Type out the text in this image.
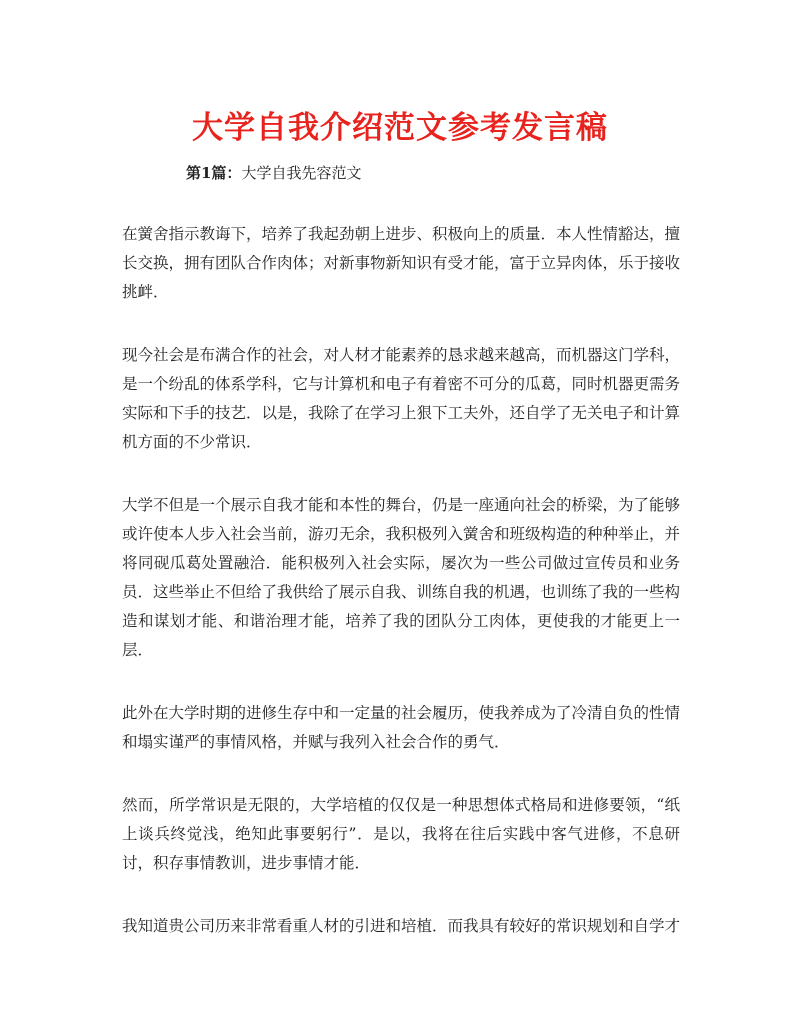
大学自我介绍范文参考发言稿
第1篇：大学自我先容范文

在黉舍指示教诲下，培养了我起劲朝上进步、积极向上的质量．本人性情豁达，擅长交换，拥有团队合作肉体；对新事物新知识有受才能，富于立异肉体，乐于接收挑衅．

现今社会是布满合作的社会，对人材才能素养的恳求越来越高，而机器这门学科，是一个纷乱的体系学科，它与计算机和电子有着密不可分的瓜葛，同时机器更需务实际和下手的技艺．以是，我除了在学习上狠下工夫外，还自学了无关电子和计算机方面的不少常识．

大学不但是一个展示自我才能和本性的舞台，仍是一座通向社会的桥梁，为了能够或许使本人步入社会当前，游刃无余，我积极列入黉舍和班级构造的种种举止，并将同砚瓜葛处置融洽．能积极列入社会实际，屡次为一些公司做过宣传员和业务员．这些举止不但给了我供给了展示自我、训练自我的机遇，也训练了我的一些构造和谋划才能、和谐治理才能，培养了我的团队分工肉体，更使我的才能更上一层．

此外在大学时期的进修生存中和一定量的社会履历，使我养成为了冷清自负的性情和塌实谨严的事情风格，并赋与我列入社会合作的勇气．

然而，所学常识是无限的，大学培植的仅仅是一种思想体式格局和进修要领，“纸上谈兵终觉浅，绝知此事要躬行”．是以，我将在往后实践中客气进修，不息研讨，积存事情教训，进步事情才能．

我知道贵公司历来非常看重人材的引进和培植．而我具有较好的常识规划和自学才
